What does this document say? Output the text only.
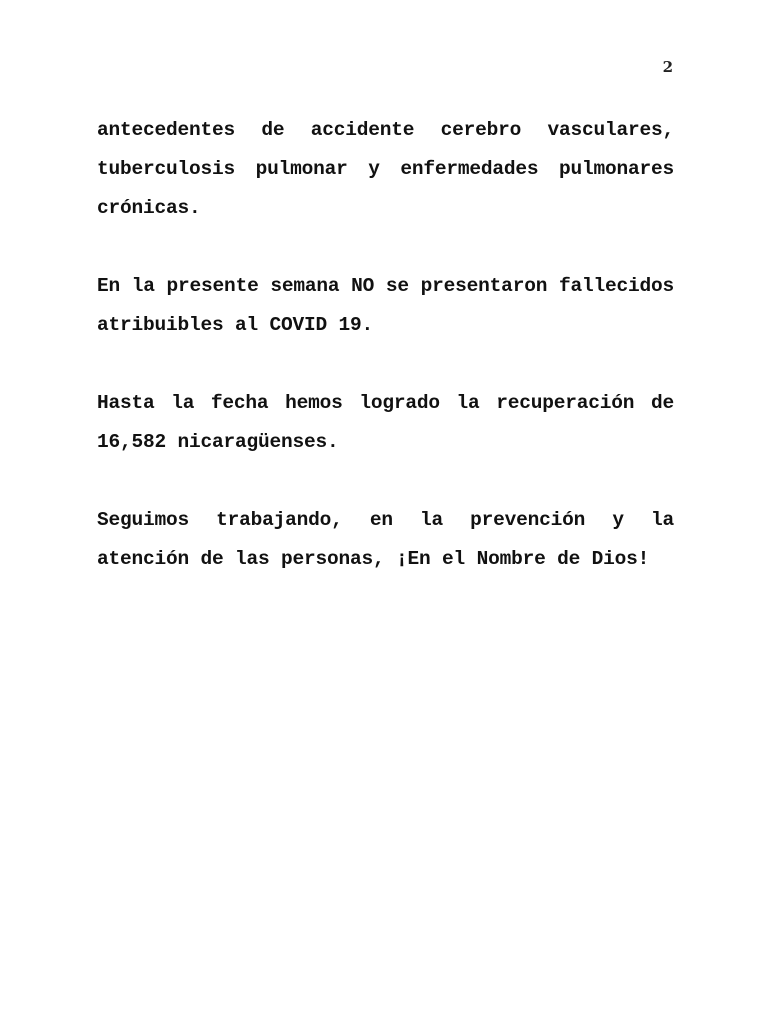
2

antecedentes de accidente cerebro vasculares, tuberculosis pulmonar y enfermedades pulmonares crónicas.

En la presente semana NO se presentaron fallecidos atribuibles al COVID 19.

Hasta la fecha hemos logrado la recuperación de 16,582 nicaragüenses.

Seguimos trabajando, en la prevención y la atención de las personas, ¡En el Nombre de Dios!
